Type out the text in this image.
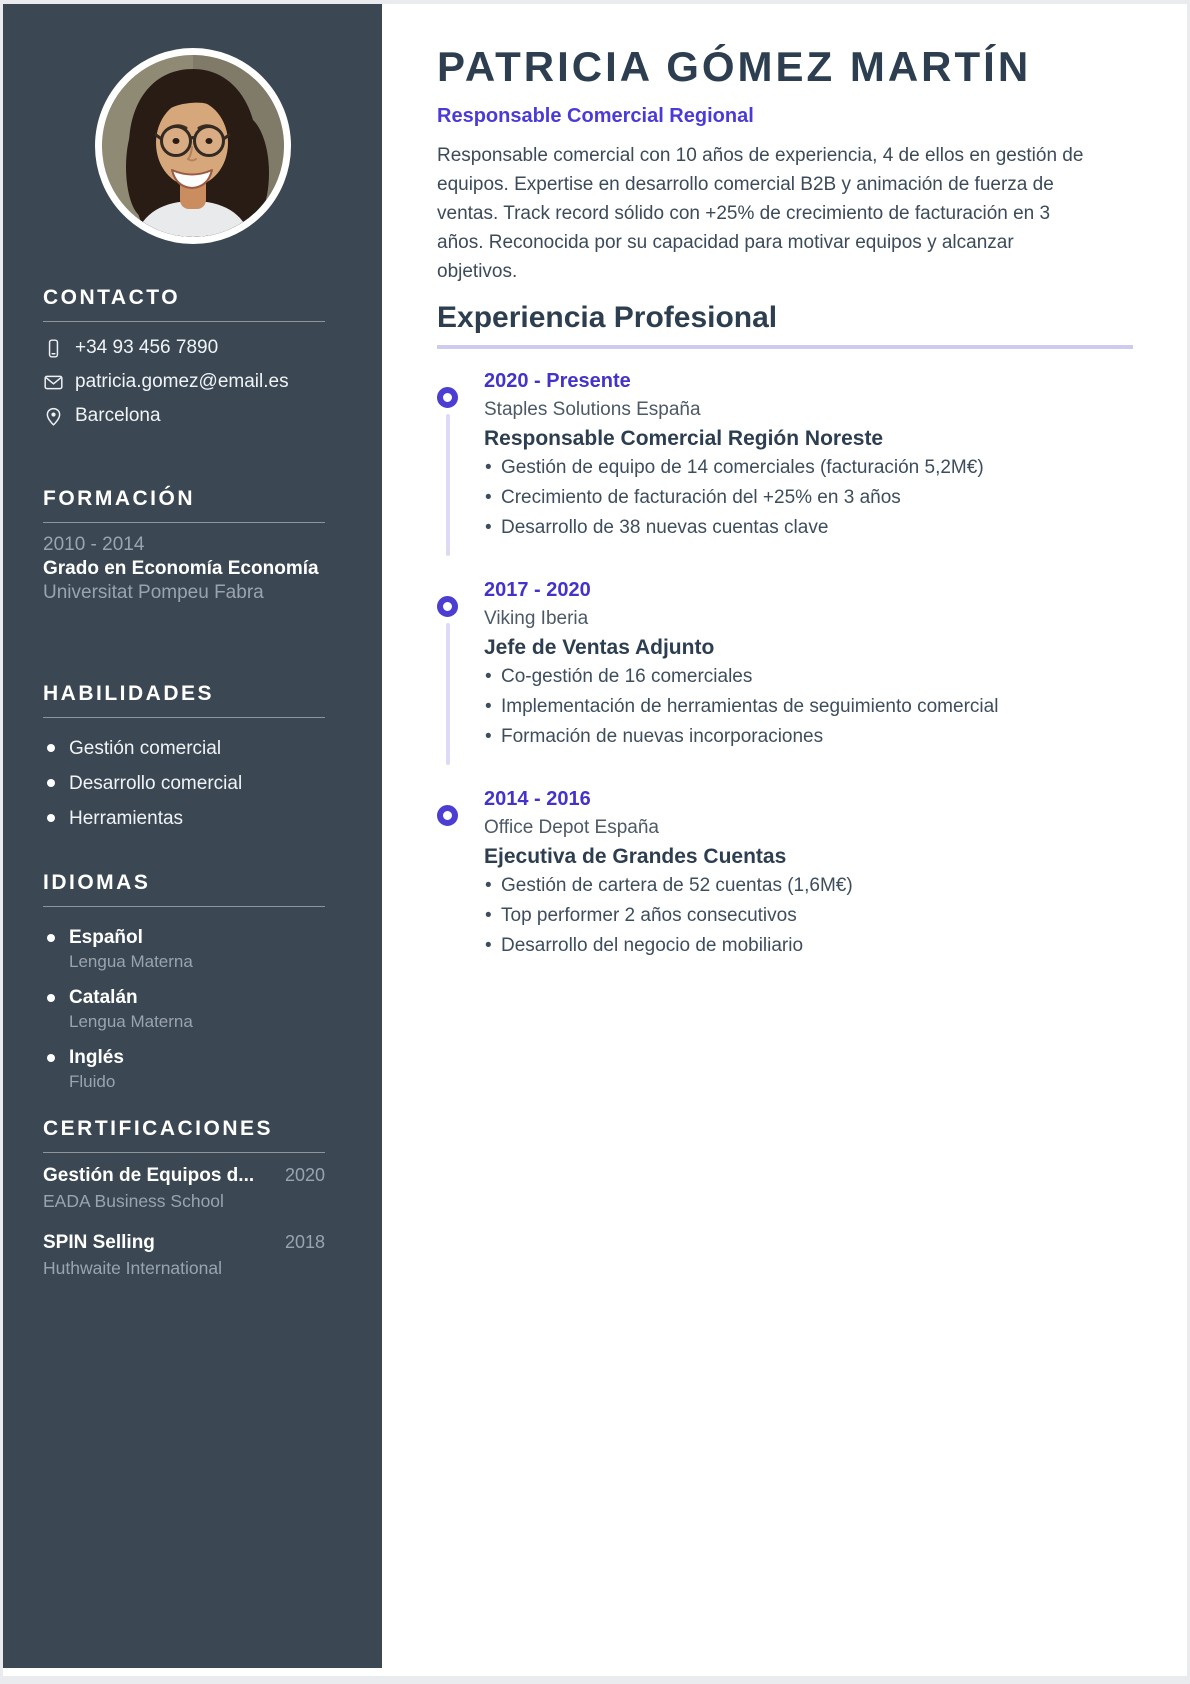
CONTACTO
+34 93 456 7890
patricia.gomez@email.es
Barcelona
FORMACIÓN
2010 - 2014
Grado en Economía Economía
Universitat Pompeu Fabra
HABILIDADES
Gestión comercial
Desarrollo comercial
Herramientas
IDIOMAS
Español
Lengua Materna
Catalán
Lengua Materna
Inglés
Fluido
CERTIFICACIONES
Gestión de Equipos d... 2020
EADA Business School
SPIN Selling	2018
Huthwaite International
PATRICIA GÓMEZ MARTÍN
Responsable Comercial Regional

Responsable comercial con 10 años de experiencia, 4 de ellos en gestión de equipos. Expertise en desarrollo comercial B2B y animación de fuerza de ventas. Track record sólido con +25% de crecimiento de facturación en 3 años. Reconocida por su capacidad para motivar equipos y alcanzar objetivos.

Experiencia Profesional
2020 - Presente
Staples Solutions España
Responsable Comercial Región Noreste
• Gestión de equipo de 14 comerciales (facturación 5,2M€)
• Crecimiento de facturación del +25% en 3 años
• Desarrollo de 38 nuevas cuentas clave
2017 - 2020
Viking Iberia
Jefe de Ventas Adjunto
• Co-gestión de 16 comerciales
• Implementación de herramientas de seguimiento comercial
• Formación de nuevas incorporaciones
2014 - 2016
Office Depot España
Ejecutiva de Grandes Cuentas
• Gestión de cartera de 52 cuentas (1,6M€)
• Top performer 2 años consecutivos
• Desarrollo del negocio de mobiliario
